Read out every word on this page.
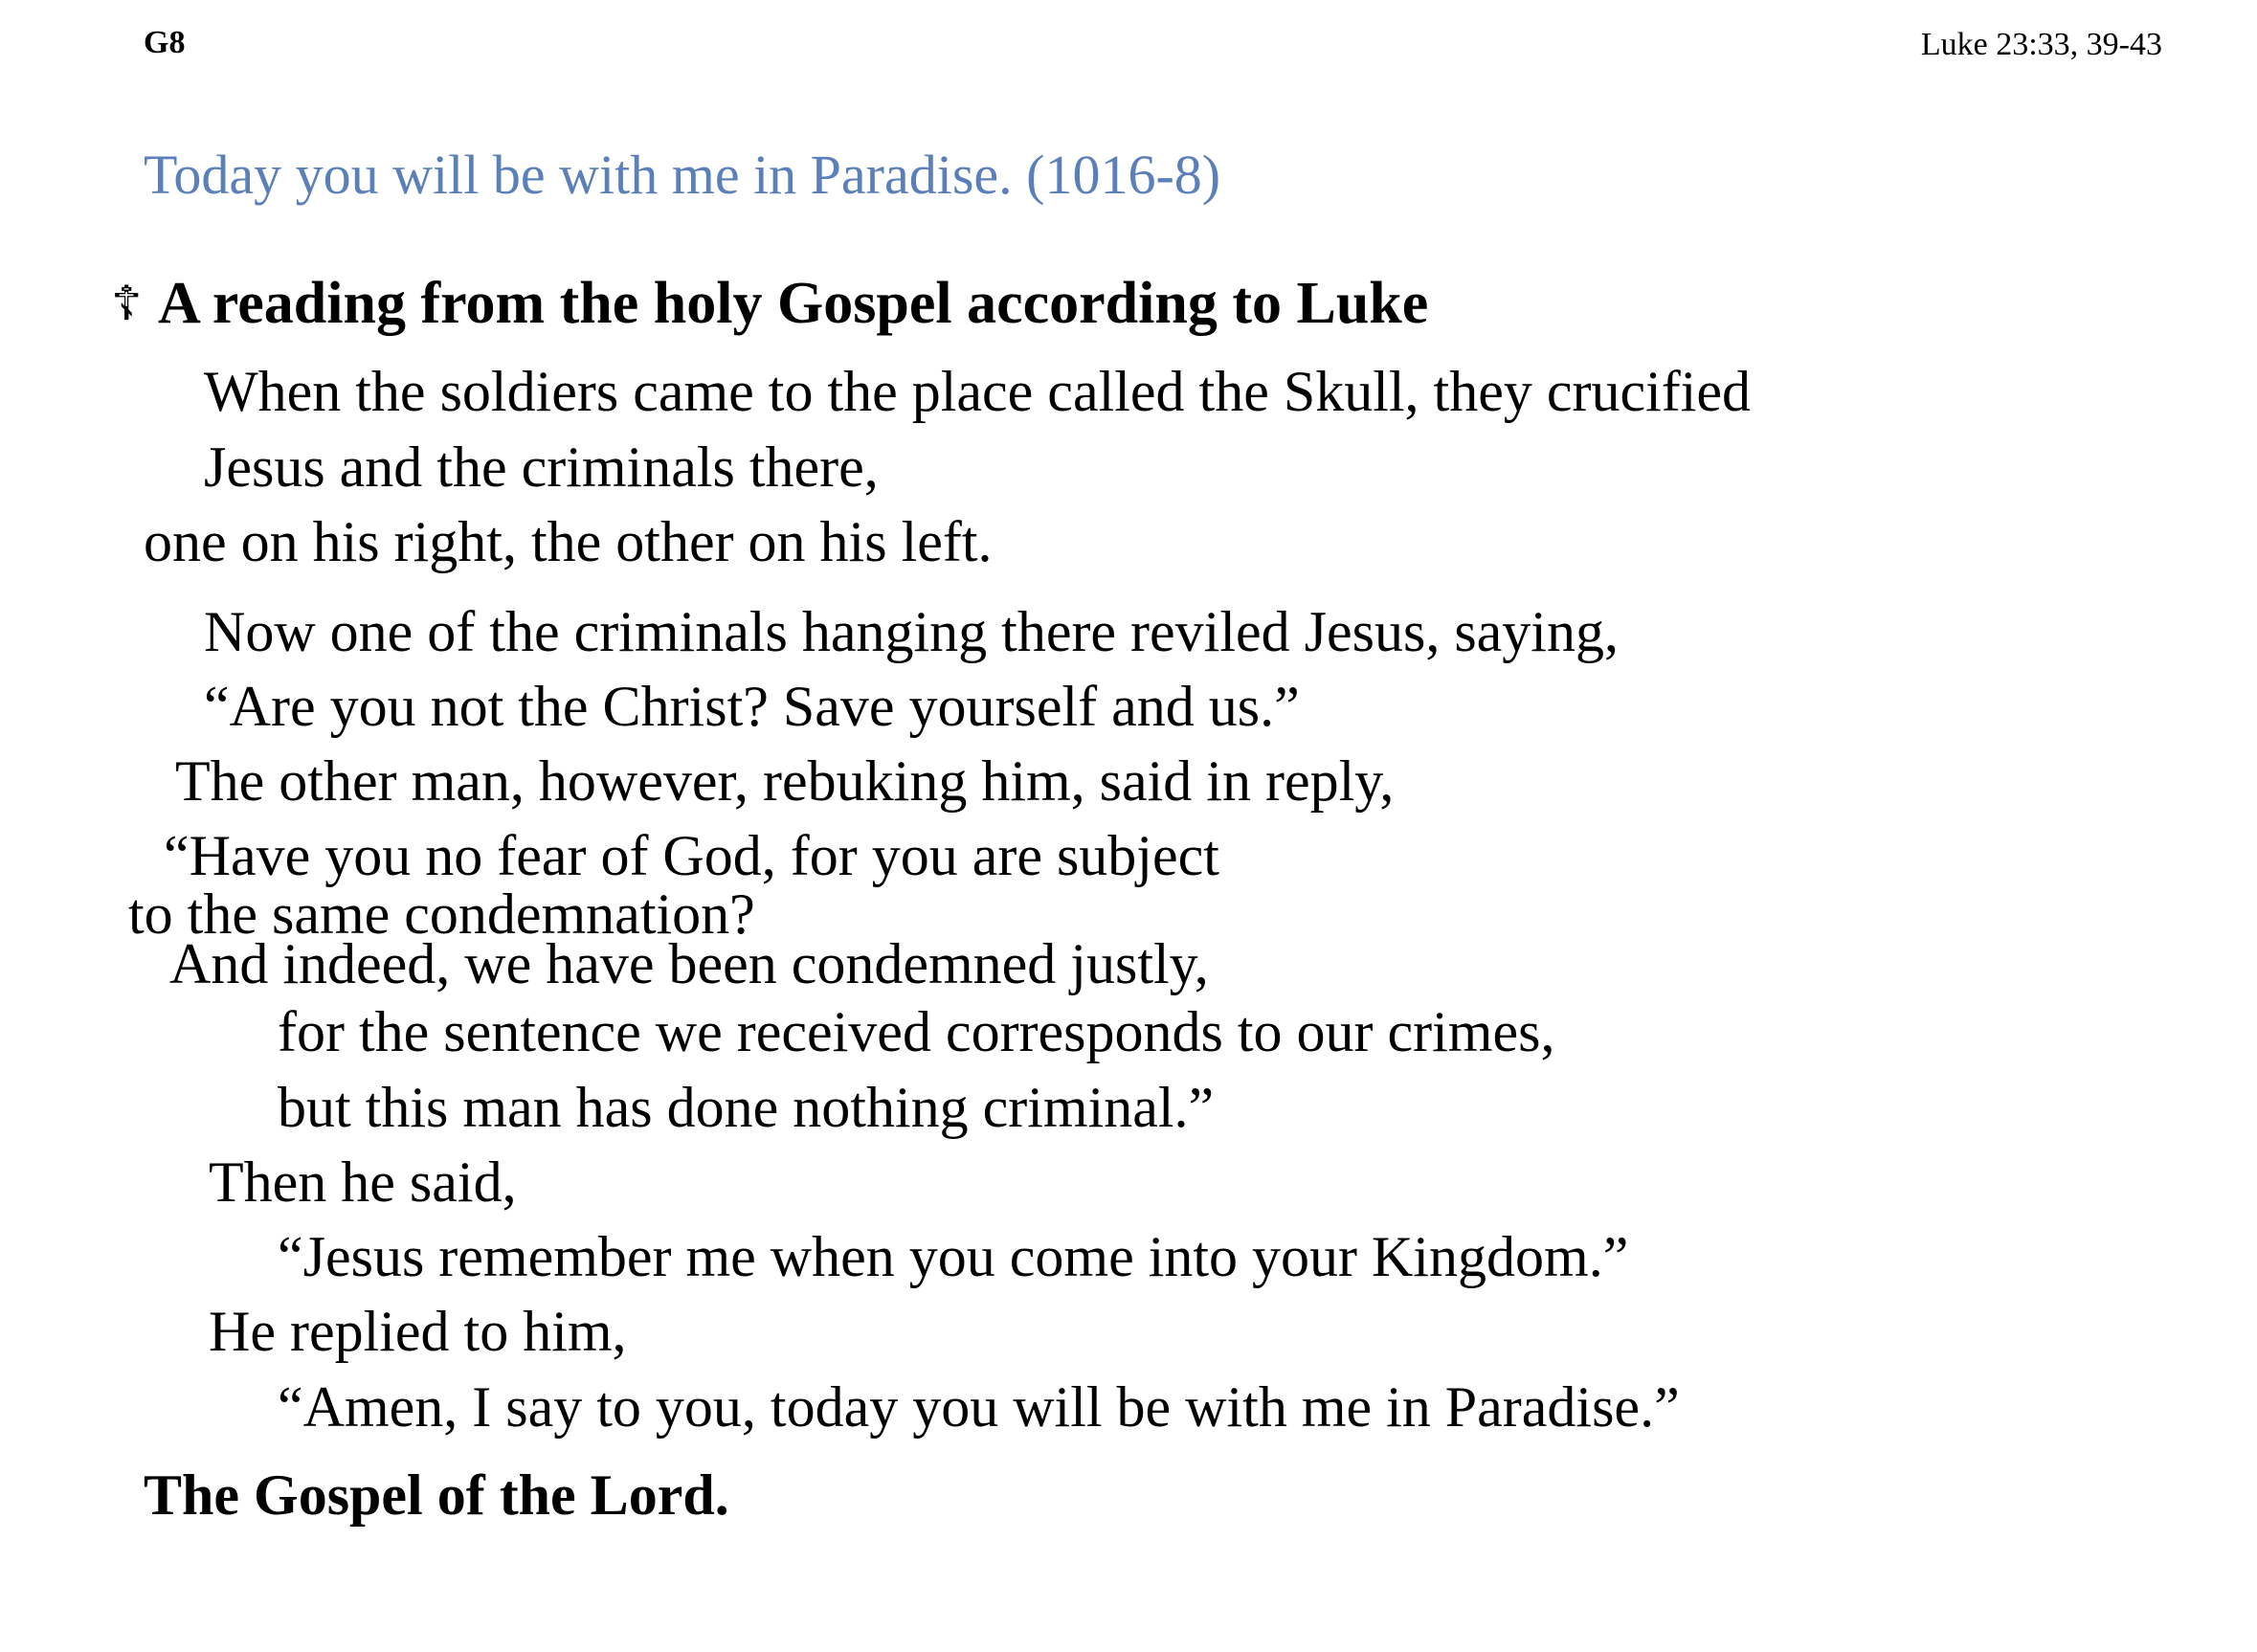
G8	Luke 23:33, 39-43
Today you will be with me in Paradise. (1016-8)
☦ A reading from the holy Gospel according to Luke
When the soldiers came to the place called the Skull, they crucified
Jesus and the criminals there,
one on his right, the other on his left.
Now one of the criminals hanging there reviled Jesus, saying,
“Are you not the Christ? Save yourself and us.”
The other man, however, rebuking him, said in reply,
“Have you no fear of God, for you are subject
to the same condemnation?
And indeed, we have been condemned justly,
for the sentence we received corresponds to our crimes,
but this man has done nothing criminal.”
Then he said,
“Jesus remember me when you come into your Kingdom.”
He replied to him,
“Amen, I say to you, today you will be with me in Paradise.”
The Gospel of the Lord.
